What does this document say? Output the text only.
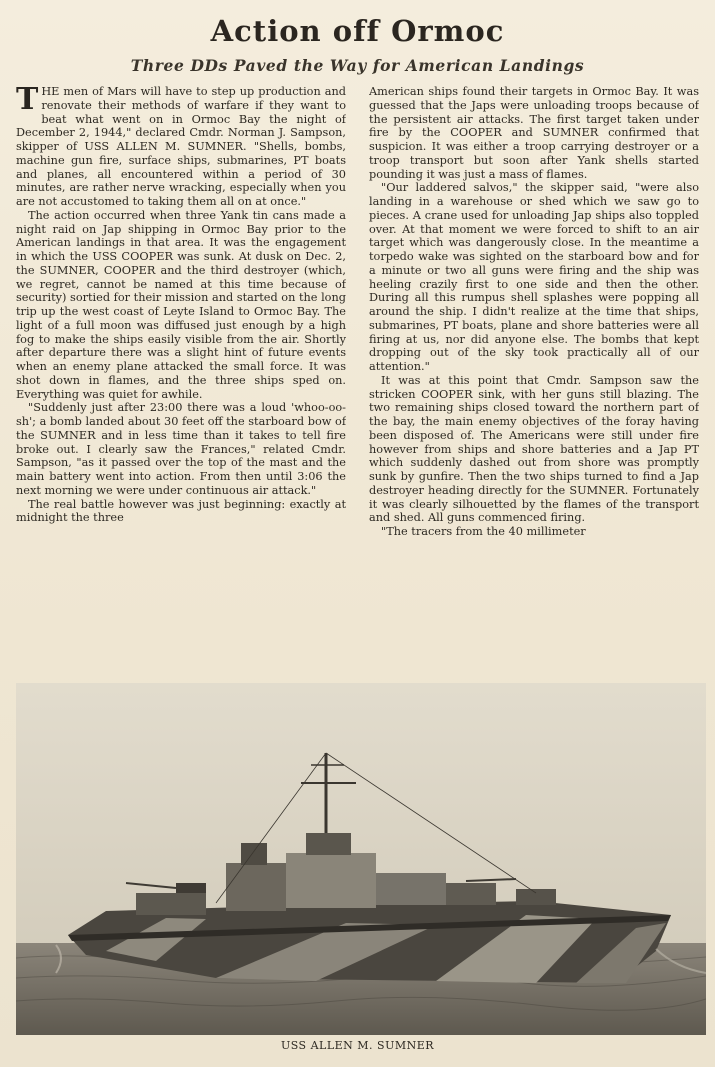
Action off Ormoc
Three DDs Paved the Way for American Landings

THE men of Mars will have to step up production and renovate their methods of warfare if they want to beat what went on in Ormoc Bay the night of December 2, 1944," declared Cmdr. Norman J. Sampson, skipper of USS ALLEN M. SUMNER. "Shells, bombs, machine gun fire, surface ships, submarines, PT boats and planes, all encountered within a period of 30 minutes, are rather nerve wracking, especially when you are not accustomed to taking them all on at once."

The action occurred when three Yank tin cans made a night raid on Jap shipping in Ormoc Bay prior to the American landings in that area. It was the engagement in which the USS COOPER was sunk. At dusk on Dec. 2, the SUMNER, COOPER and the third destroyer (which, we regret, cannot be named at this time because of security) sortied for their mission and started on the long trip up the west coast of Leyte Island to Ormoc Bay. The light of a full moon was diffused just enough by a high fog to make the ships easily visible from the air. Shortly after departure there was a slight hint of future events when an enemy plane attacked the small force. It was shot down in flames, and the three ships sped on. Everything was quiet for awhile.

"Suddenly just after 23:00 there was a loud 'whoo-oo-sh'; a bomb landed about 30 feet off the starboard bow of the SUMNER and in less time than it takes to tell fire broke out. I clearly saw the Frances," related Cmdr. Sampson, "as it passed over the top of the mast and the main battery went into action. From then until 3:06 the next morning we were under continuous air attack."

The real battle however was just beginning: exactly at midnight the three

American ships found their targets in Ormoc Bay. It was guessed that the Japs were unloading troops because of the persistent air attacks. The first target taken under fire by the COOPER and SUMNER confirmed that suspicion. It was either a troop carrying destroyer or a troop transport but soon after Yank shells started pounding it was just a mass of flames.

"Our laddered salvos," the skipper said, "were also landing in a warehouse or shed which we saw go to pieces. A crane used for unloading Jap ships also toppled over. At that moment we were forced to shift to an air target which was dangerously close. In the meantime a torpedo wake was sighted on the starboard bow and for a minute or two all guns were firing and the ship was heeling crazily first to one side and then the other. During all this rumpus shell splashes were popping all around the ship. I didn't realize at the time that ships, submarines, PT boats, plane and shore batteries were all firing at us, nor did anyone else. The bombs that kept dropping out of the sky took practically all of our attention."

It was at this point that Cmdr. Sampson saw the stricken COOPER sink, with her guns still blazing. The two remaining ships closed toward the northern part of the bay, the main enemy objectives of the foray having been disposed of. The Americans were still under fire however from ships and shore batteries and a Jap PT which suddenly dashed out from shore was promptly sunk by gunfire. Then the two ships turned to find a Jap destroyer heading directly for the SUMNER. Fortunately it was clearly silhouetted by the flames of the transport and shed. All guns commenced firing.

"The tracers from the 40 millimeter

USS ALLEN M. SUMNER
